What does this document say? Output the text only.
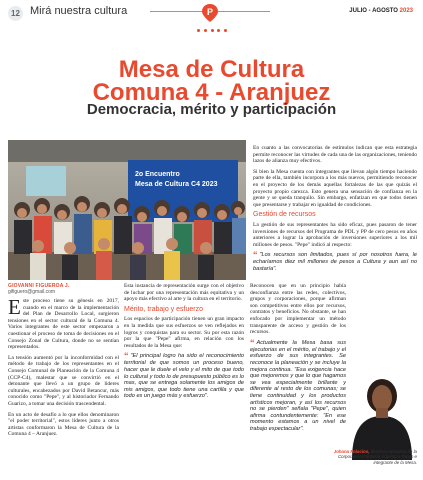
12 Mirá nuestra cultura	P	JULIO - AGOSTO 2023
Mesa de Cultura
Comuna 4 - Aranjuez
Democracia, mérito y participación
2o Encuentro
Mesa de Cultura C4 2023
GIOVANNI FIGUEROA J.
gifiguero@gmail.com

Este proceso tiene su génesis en 2017, cuando en el marco de la implementación del Plan de Desarrollo Local, surgieron tensiones en el sector cultural de la Comuna 4. Varios integrantes de este sector empezaron a cuestionar el proceso de toma de decisiones en el Consejo Zonal de Cultura, donde no se sentían representados.

La tensión aumentó por la inconformidad con el método de trabajo de los representantes en el Consejo Comunal de Planeación de la Comuna 4 (CCP-C4), malestar que se convirtió en el detonante que llevó a un grupo de líderes culturales, encabezados por David Betancur, más conocido como "Pepe", y al historiador Fernando Guarizo, a tomar una decisión trascendental.

En un acto de desafío a lo que ellos denominaron "el poder territorial", estos líderes junto a otros artistas conformaron la Mesa de Cultura de la Comuna 4 – Aranjuez.

Esta instancia de representación surge con el objetivo de luchar por una representación más equitativa y un apoyo más efectivo al arte y la cultura en el territorio.

Mérito, trabajo y esfuerzo

Los espacios de participación tienen un gran impacto en la medida que sus esfuerzos se ven reflejados en logros y conquistas para su sector. Su por esta razón por la que "Pepe" afirma, en relación con los resultados de la Mesa que:

“ "El principal logro ha sido el reconocimiento territorial de que somos un proceso bueno, hacer que le duele el velo y el mito de que todo lo cultural y todo lo de presupuesto público es lo mas, que se entrega solamente los amigos de mis amigos, que todo tiene una cartilla y que todo es un juego más y esfuerzo".

Reconocen que en un principio había desconfianza entre las redes, colectivos, grupos y corporaciones, porque afirman son competitivos entre ellos por recursos, contratos y beneficios. No obstante, se han enfocado por implementar un método transparente de acceso y gestión de los recursos.

“ Actualmente la Mesa basa sus ejecutorias en el mérito, el trabajo y el esfuerzo de sus integrantes. Se reconoce la planeación y se incluye la mejora continua. "Esa exigencia hace que mejoremos y que lo que hagamos se vea especialmente brillante y diferente al resto de los comunas; se tiene continuidad y los productos artísticos mejoran, y así los recursos no se pierden" señala "Pepe", quien afirma contundentemente: "En ese momento estamos a un nivel de trabajo espectacular".

En cuanto a las convocatorias de estímulos indican que esta estrategia permite reconocer las virtudes de cada una de las organizaciones, teniendo lazos de alianza muy efectivos.

Si bien la Mesa cuenta con integrantes que llevan algún tiempo haciendo parte de ella, también incorpora a los más nuevos, permitiendo reconocer en el proyecto de los demás aquellas fortalezas de las que quizás el proyecto propio carezca. Esto genera una sensación de confianza en la gente y se queda tranquilo. Sin embargo, enfatizan en que todos tienen que presentarse y trabajar en igualdad de condiciones.

Gestión de recursos

La gestión de sus representantes ha sido eficaz, pues pasaron de tener inversiones de recursos del Programa de PDL y PP de cero pesos en años anteriores a lograr la aprobación de inversiones superiores a los mil millones de pesos. "Pepe" indicó al respecto:

“ "Los recursos son limitados, pues sí por nosotros fuera, le echaríamos diez mil millones de pesos a Cultura y aun así no bastaría".

Johana Palacios, directora ejecutiva de la Corporación Fantasía Argentina Tango e integrante de la Mesa.
